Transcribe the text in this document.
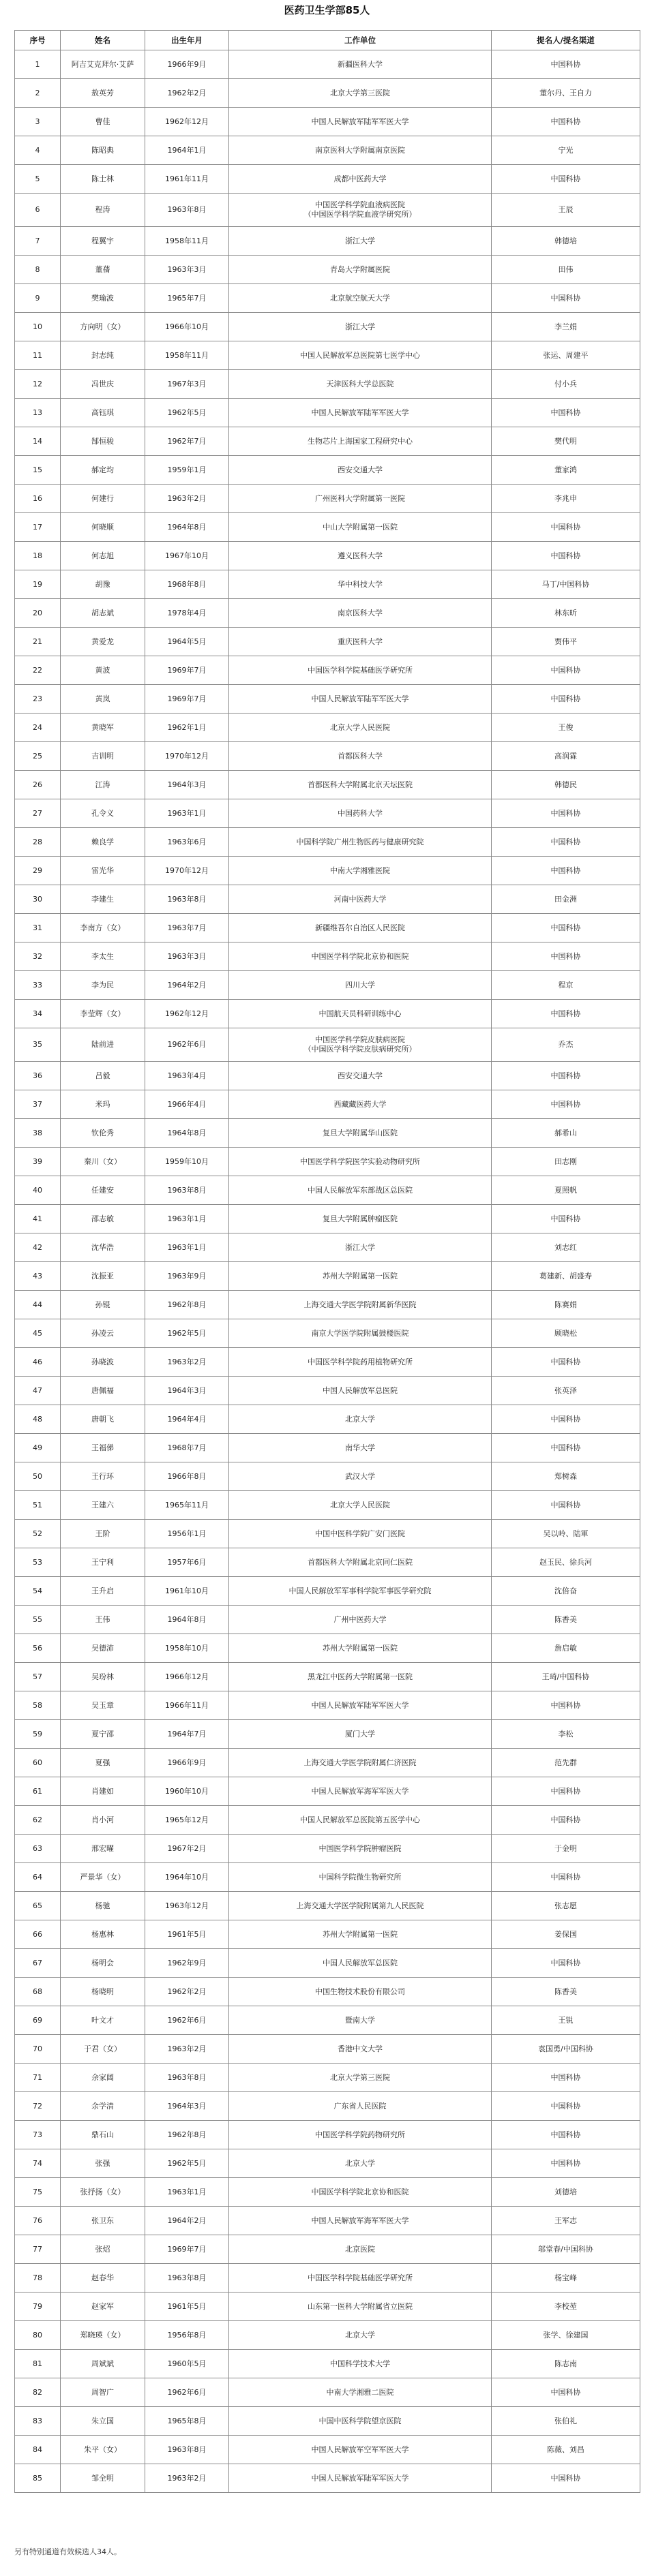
医药卫生学部85人
序号	姓名	出生年月	工作单位	提名人/提名渠道
1	阿吉艾克拜尔·艾萨	1966年9月	新疆医科大学	中国科协
2	敖英芳	1962年2月	北京大学第三医院	董尔丹、王自力
3	曹佳	1962年12月	中国人民解放军陆军军医大学	中国科协
4	陈昭典	1964年1月	南京医科大学附属南京医院	宁光
5	陈士林	1961年11月	成都中医药大学	中国科协
6	程涛	1963年8月	中国医学科学院血液病医院
（中国医学科学院血液学研究所）	王辰
7	程翼宇	1958年11月	浙江大学	韩德培
8	董蒨	1963年3月	青岛大学附属医院	田伟
9	樊瑜波	1965年7月	北京航空航天大学	中国科协
10	方向明（女）	1966年10月	浙江大学	李兰娟
11	封志纯	1958年11月	中国人民解放军总医院第七医学中心	张运、周建平
12	冯世庆	1967年3月	天津医科大学总医院	付小兵
13	高钰琪	1962年5月	中国人民解放军陆军军医大学	中国科协
14	郜恒骏	1962年7月	生物芯片上海国家工程研究中心	樊代明
15	郝定均	1959年1月	西安交通大学	董家鸿
16	何建行	1963年2月	广州医科大学附属第一医院	李兆申
17	何晓顺	1964年8月	中山大学附属第一医院	中国科协
18	何志旭	1967年10月	遵义医科大学	中国科协
19	胡豫	1968年8月	华中科技大学	马丁/中国科协
20	胡志斌	1978年4月	南京医科大学	林东昕
21	黄爱龙	1964年5月	重庆医科大学	贾伟平
22	黄波	1969年7月	中国医学科学院基础医学研究所	中国科协
23	黄岚	1969年7月	中国人民解放军陆军军医大学	中国科协
24	黄晓军	1962年1月	北京大学人民医院	王俊
25	吉训明	1970年12月	首都医科大学	高润霖
26	江涛	1964年3月	首都医科大学附属北京天坛医院	韩德民
27	孔令义	1963年1月	中国药科大学	中国科协
28	赖良学	1963年6月	中国科学院广州生物医药与健康研究院	中国科协
29	雷光华	1970年12月	中南大学湘雅医院	中国科协
30	李建生	1963年8月	河南中医药大学	田金洲
31	李南方（女）	1963年7月	新疆维吾尔自治区人民医院	中国科协
32	李太生	1963年3月	中国医学科学院北京协和医院	中国科协
33	李为民	1964年2月	四川大学	程京
34	李莹辉（女）	1962年12月	中国航天员科研训练中心	中国科协
35	陆前进	1962年6月	中国医学科学院皮肤病医院
（中国医学科学院皮肤病研究所）	乔杰
36	吕毅	1963年4月	西安交通大学	中国科协
37	米玛	1966年4月	西藏藏医药大学	中国科协
38	钦伦秀	1964年8月	复旦大学附属华山医院	郝希山
39	秦川（女）	1959年10月	中国医学科学院医学实验动物研究所	田志刚
40	任建安	1963年8月	中国人民解放军东部战区总医院	夏照帆
41	邵志敏	1963年1月	复旦大学附属肿瘤医院	中国科协
42	沈华浩	1963年1月	浙江大学	刘志红
43	沈振亚	1963年9月	苏州大学附属第一医院	葛建新、胡盛寿
44	孙锟	1962年8月	上海交通大学医学院附属新华医院	陈赛娟
45	孙凌云	1962年5月	南京大学医学院附属鼓楼医院	顾晓松
46	孙晓波	1963年2月	中国医学科学院药用植物研究所	中国科协
47	唐佩福	1964年3月	中国人民解放军总医院	张英泽
48	唐朝飞	1964年4月	北京大学	中国科协
49	王福俤	1968年7月	南华大学	中国科协
50	王行环	1966年8月	武汉大学	郑树森
51	王建六	1965年11月	北京大学人民医院	中国科协
52	王阶	1956年1月	中国中医科学院广安门医院	吴以岭、陆軍
53	王宁利	1957年6月	首都医科大学附属北京同仁医院	赵玉民、徐兵河
54	王升启	1961年10月	中国人民解放军军事科学院军事医学研究院	沈倍奋
55	王伟	1964年8月	广州中医药大学	陈香美
56	吴德沛	1958年10月	苏州大学附属第一医院	詹启敏
57	吴玢林	1966年12月	黑龙江中医药大学附属第一医院	王琦/中国科协
58	吴玉章	1966年11月	中国人民解放军陆军军医大学	中国科协
59	夏宁邵	1964年7月	厦门大学	李松
60	夏强	1966年9月	上海交通大学医学院附属仁济医院	范先群
61	肖建如	1960年10月	中国人民解放军海军军医大学	中国科协
62	肖小河	1965年12月	中国人民解放军总医院第五医学中心	中国科协
63	邢宏曜	1967年2月	中国医学科学院肿瘤医院	于金明
64	严景华（女）	1964年10月	中国科学院微生物研究所	中国科协
65	杨驰	1963年12月	上海交通大学医学院附属第九人民医院	张志愿
66	杨惠林	1961年5月	苏州大学附属第一医院	姜保国
67	杨明会	1962年9月	中国人民解放军总医院	中国科协
68	杨晓明	1962年2月	中国生物技术股份有限公司	陈香美
69	叶文才	1962年6月	暨南大学	王锐
70	于君（女）	1963年2月	香港中文大学	袁国勇/中国科协
71	余家阔	1963年8月	北京大学第三医院	中国科协
72	余学清	1964年3月	广东省人民医院	中国科协
73	鼎石山	1962年8月	中国医学科学院药物研究所	中国科协
74	张强	1962年5月	北京大学	中国科协
75	张抒扬（女）	1963年1月	中国医学科学院北京协和医院	刘德培
76	张卫东	1964年2月	中国人民解放军海军军医大学	王军志
77	张炤	1969年7月	北京医院	邬堂春/中国科协
78	赵春华	1963年8月	中国医学科学院基础医学研究所	杨宝峰
79	赵家军	1961年5月	山东第一医科大学附属省立医院	李校堃
80	郑晓瑛（女）	1956年8月	北京大学	张学、徐建国
81	周斌斌	1960年5月	中国科学技术大学	陈志南
82	周智广	1962年6月	中南大学湘雅二医院	中国科协
83	朱立国	1965年8月	中国中医科学院望京医院	张伯礼
84	朱平（女）	1963年8月	中国人民解放军空军军医大学	陈薇、刘昌
85	邹全明	1963年2月	中国人民解放军陆军军医大学	中国科协
另有特别通道有效候选人34人。
